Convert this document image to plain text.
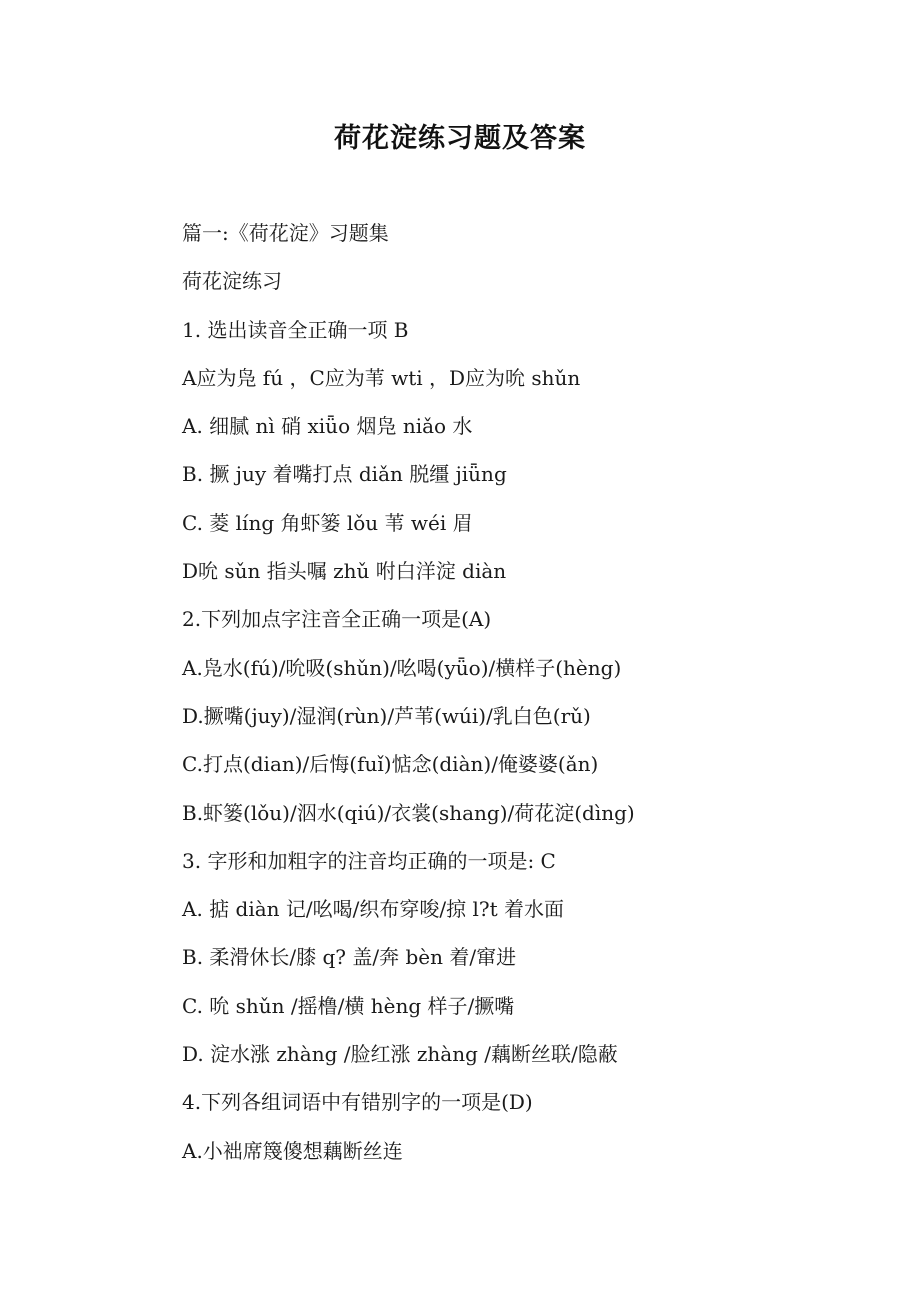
荷花淀练习题及答案
篇一:《荷花淀》习题集
荷花淀练习
1. 选出读音全正确一项 B
A应为凫 fú ，C应为苇 wti ，D应为吮 shǔn
A. 细腻 nì 硝 xiǖo 烟凫 niǎo 水
B. 撅 juy 着嘴打点 diǎn 脱缰 jiǖng
C. 菱 líng 角虾篓 lǒu 苇 wéi 眉
D吮 sǔn 指头嘱 zhǔ 咐白洋淀 diàn
2.下列加点字注音全正确一项是(A)
A.凫水(fú)/吮吸(shǔn)/吆喝(yǖo)/横样子(hèng)
D.撅嘴(juy)/湿润(rùn)/芦苇(wúi)/乳白色(rǔ)
C.打点(dian)/后悔(fuǐ)惦念(diàn)/俺婆婆(ǎn)
B.虾篓(lǒu)/泅水(qiú)/衣裳(shang)/荷花淀(dìng)
3. 字形和加粗字的注音均正确的一项是: C
A. 掂 diàn 记/吆喝/织布穿唆/掠 l?t 着水面
B. 柔滑休长/膝 q? 盖/奔 bèn 着/窜进
C. 吮 shǔn /摇橹/横 hèng 样子/撅嘴
D. 淀水涨 zhàng /脸红涨 zhàng /藕断丝联/隐蔽
4.下列各组词语中有错别字的一项是(D)
A.小袦席篾傻想藕断丝连
